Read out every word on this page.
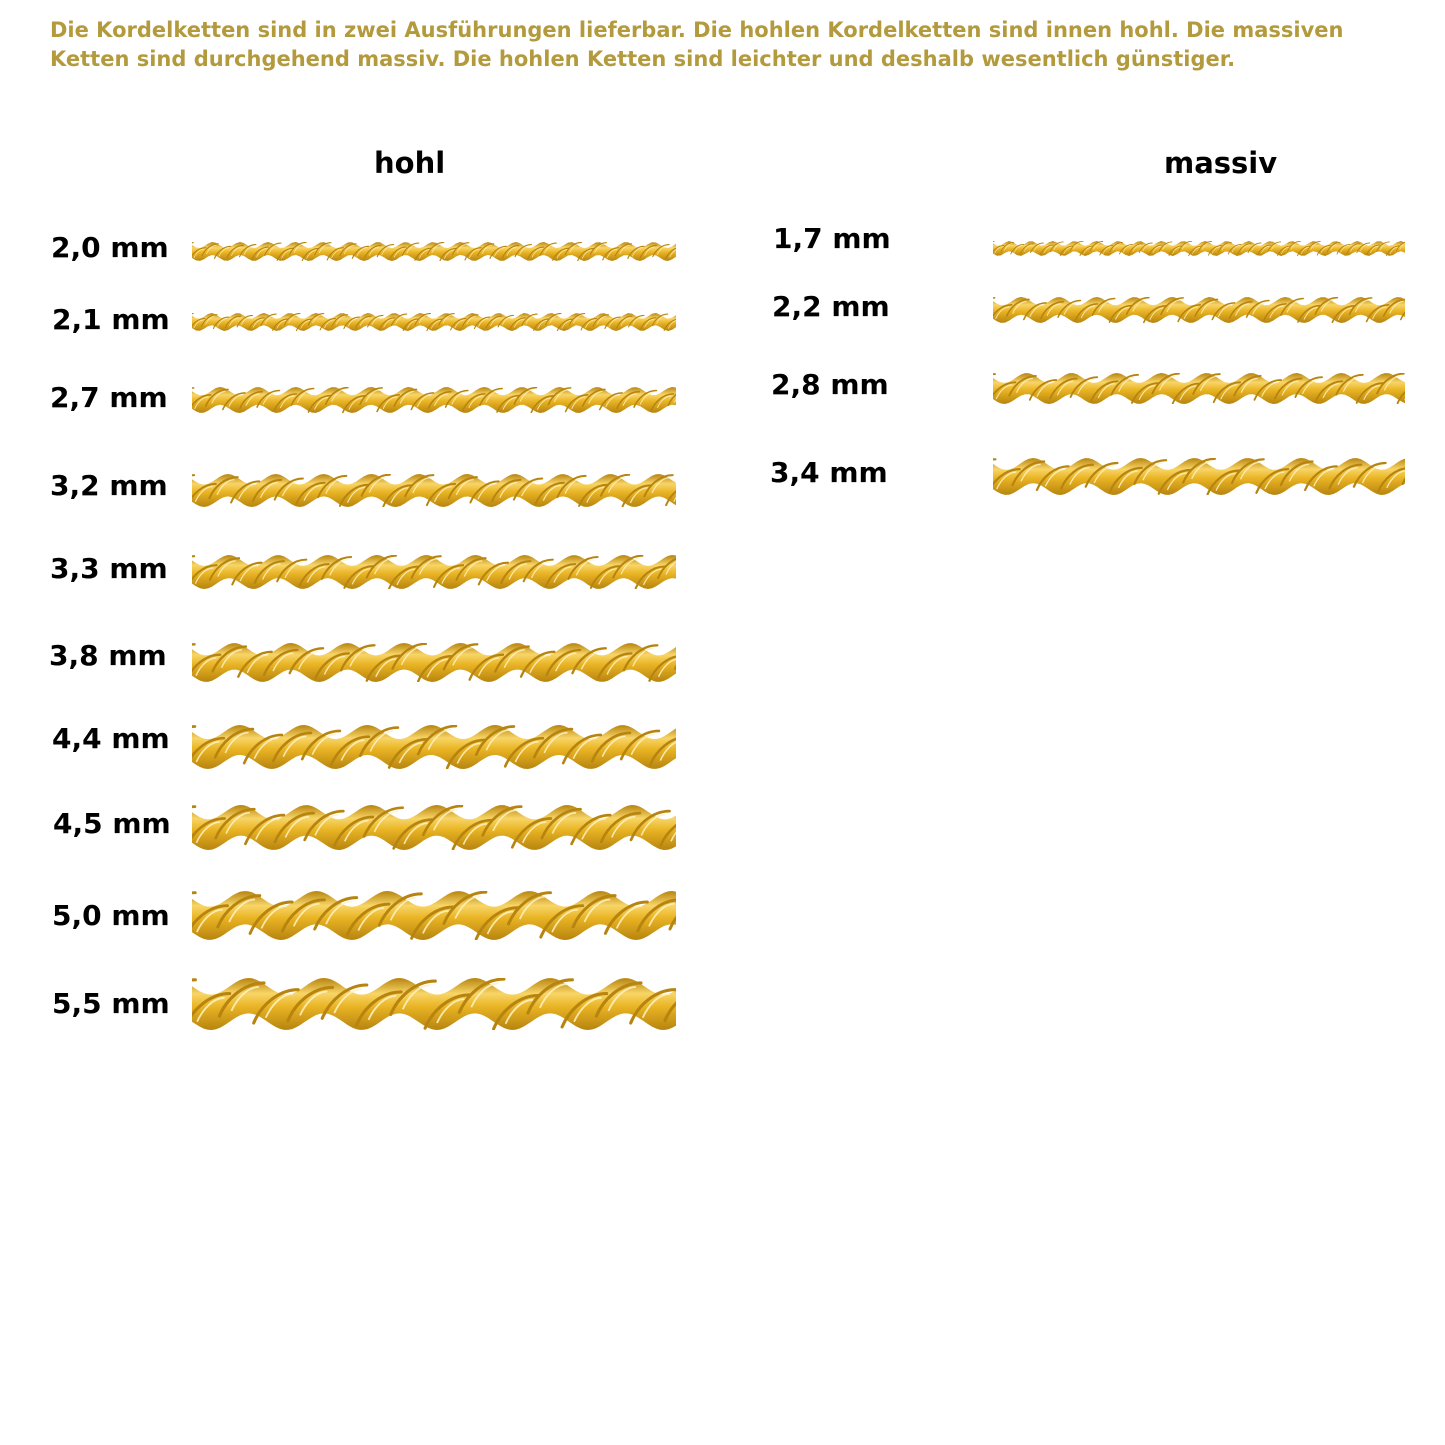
Die Kordelketten sind in zwei Ausführungen lieferbar. Die hohlen Kordelketten sind innen hohl. Die massiven
Ketten sind durchgehend massiv. Die hohlen Ketten sind leichter und deshalb wesentlich günstiger.
hohl	massiv
2,0 mm
2,1 mm
2,7 mm
3,2 mm
3,3 mm
3,8 mm
4,4 mm
4,5 mm
5,0 mm
5,5 mm
1,7 mm
2,2 mm
2,8 mm
3,4 mm
